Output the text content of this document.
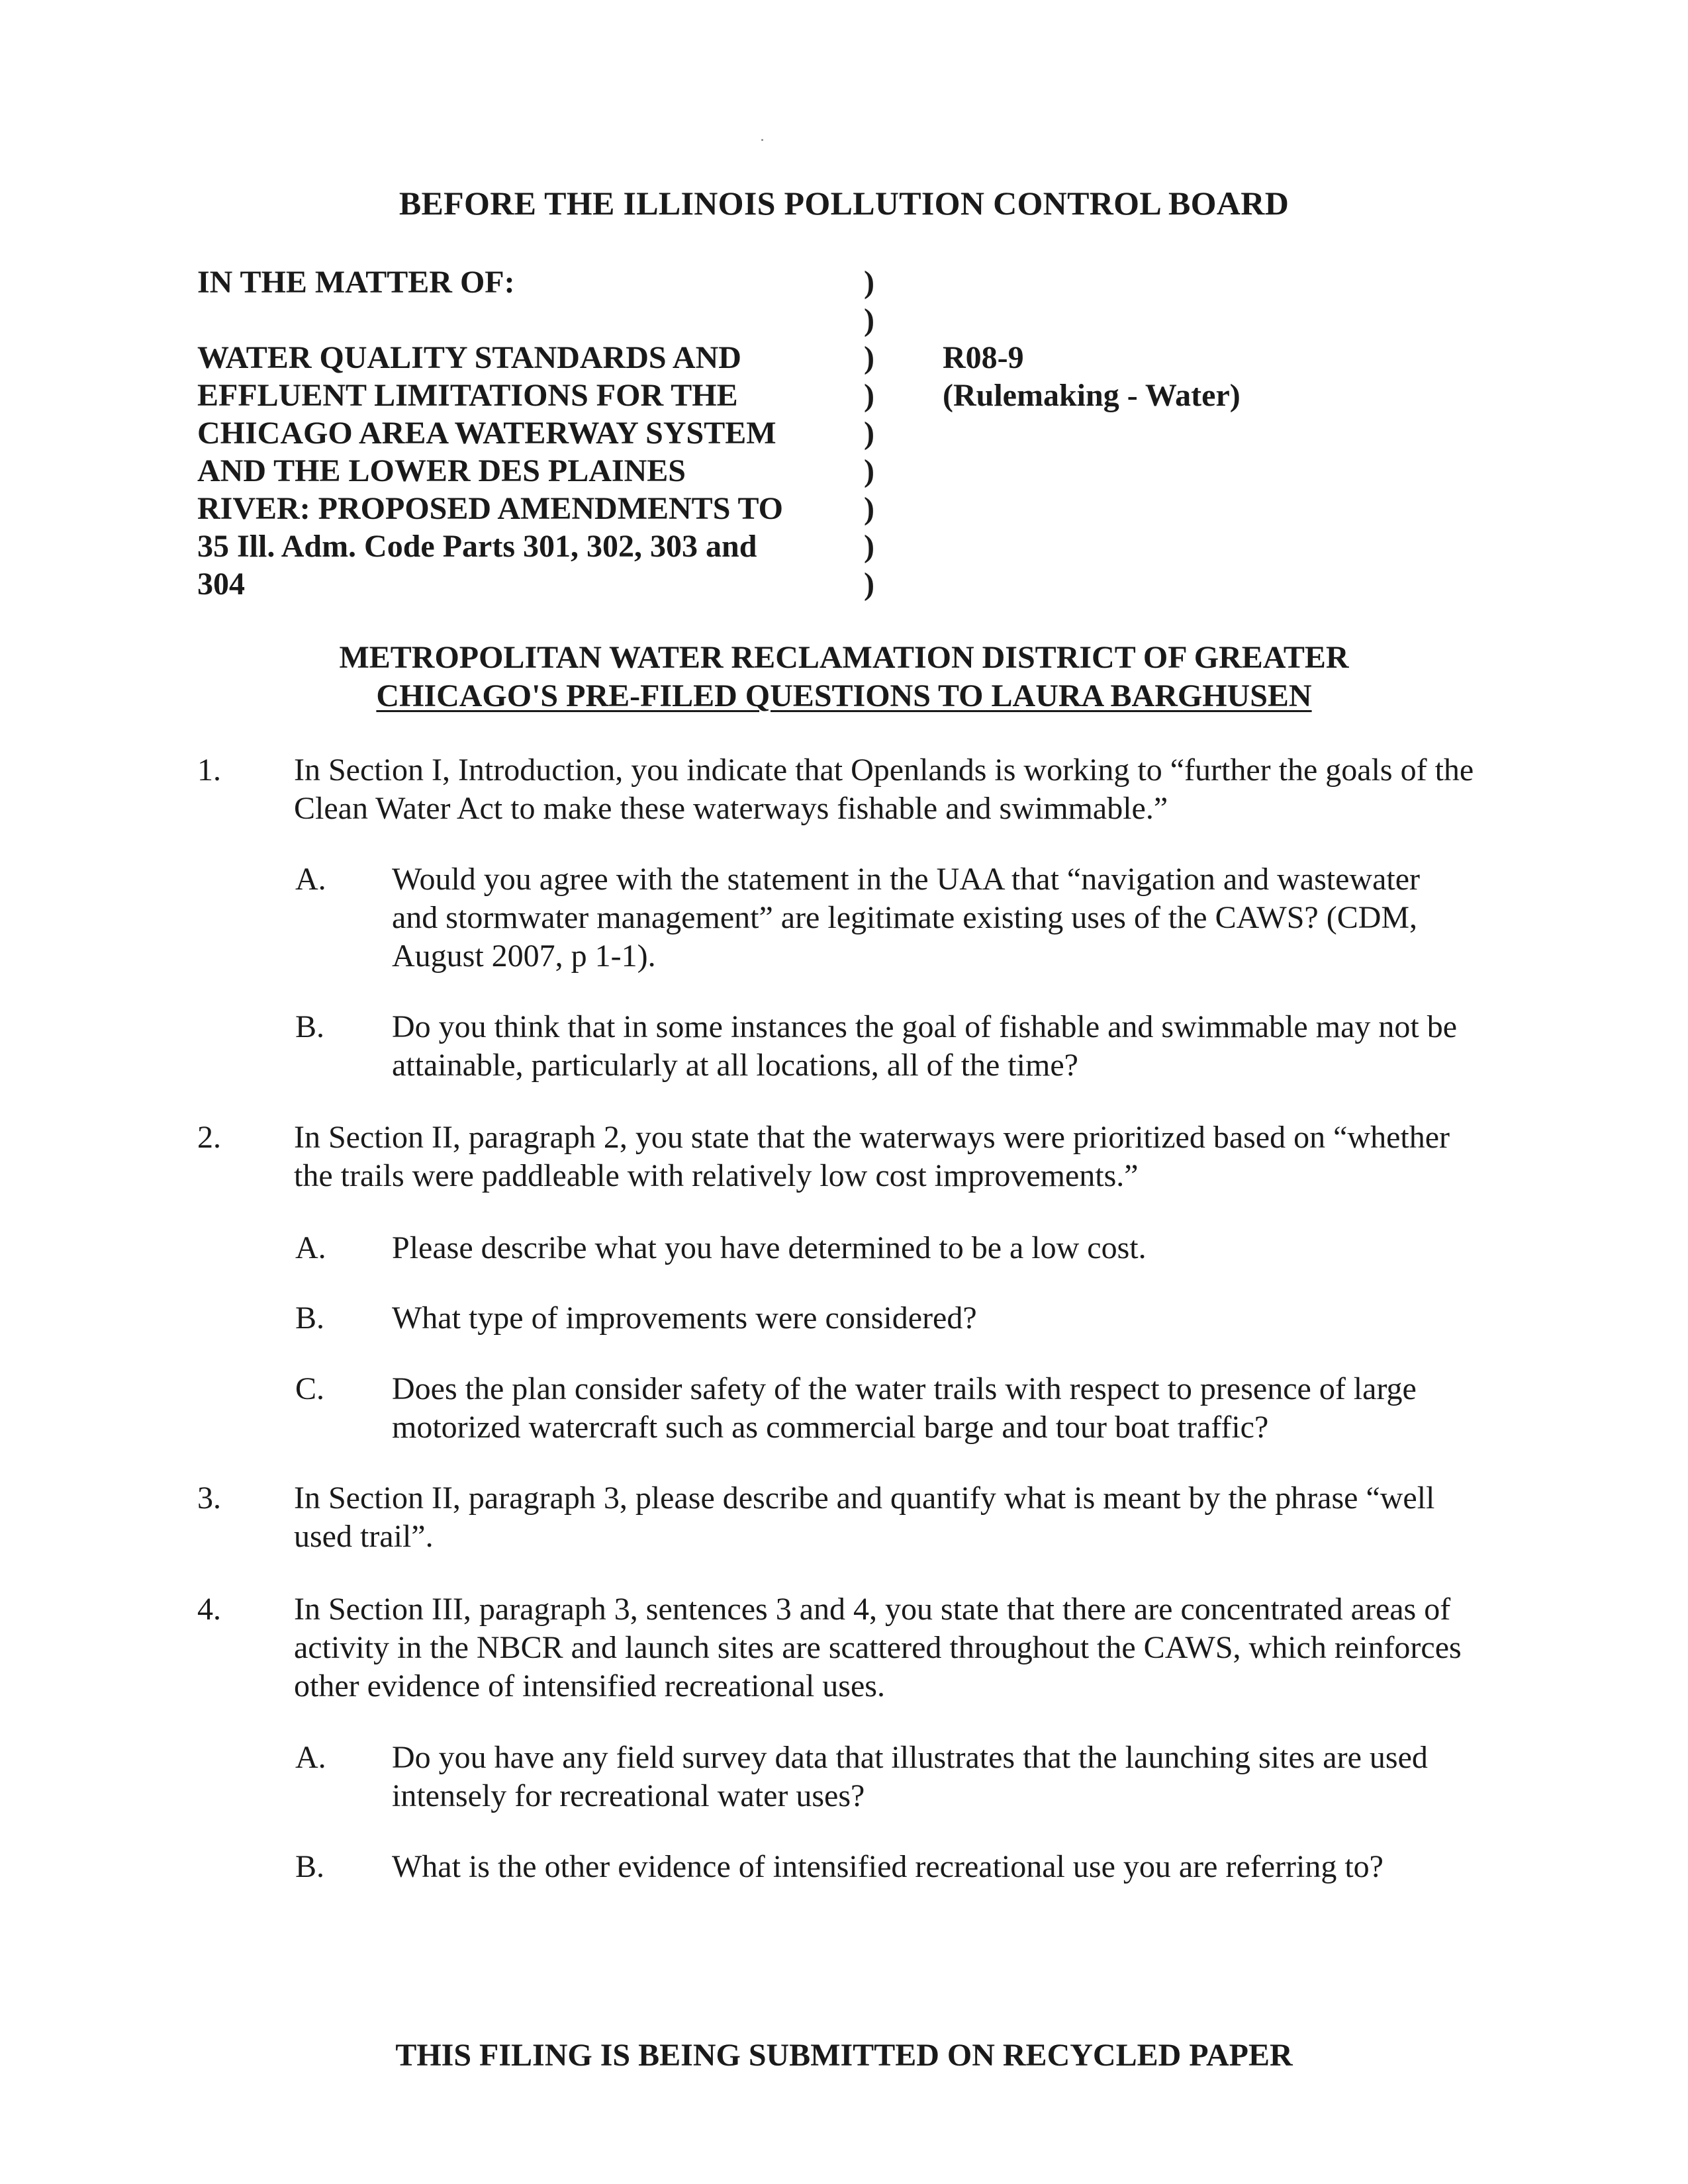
BEFORE THE ILLINOIS POLLUTION CONTROL BOARD
IN THE MATTER OF:
WATER QUALITY STANDARDS AND
EFFLUENT LIMITATIONS FOR THE
CHICAGO AREA WATERWAY SYSTEM
AND THE LOWER DES PLAINES
RIVER: PROPOSED AMENDMENTS TO
35 Ill. Adm. Code Parts 301, 302, 303 and
304
)
)
)
)
)
)
)
)
)
R08-9
(Rulemaking - Water)
METROPOLITAN WATER RECLAMATION DISTRICT OF GREATER
CHICAGO'S PRE-FILED QUESTIONS TO LAURA BARGHUSEN
1. In Section I, Introduction, you indicate that Openlands is working to “further the goals of the Clean Water Act to make these waterways fishable and swimmable.”
A. Would you agree with the statement in the UAA that “navigation and wastewater and stormwater management” are legitimate existing uses of the CAWS? (CDM, August 2007, p 1-1).
B. Do you think that in some instances the goal of fishable and swimmable may not be attainable, particularly at all locations, all of the time?
2. In Section II, paragraph 2, you state that the waterways were prioritized based on “whether the trails were paddleable with relatively low cost improvements.”
A. Please describe what you have determined to be a low cost.
B. What type of improvements were considered?
C. Does the plan consider safety of the water trails with respect to presence of large motorized watercraft such as commercial barge and tour boat traffic?
3. In Section II, paragraph 3, please describe and quantify what is meant by the phrase “well used trail”.
4. In Section III, paragraph 3, sentences 3 and 4, you state that there are concentrated areas of activity in the NBCR and launch sites are scattered throughout the CAWS, which reinforces other evidence of intensified recreational uses.
A. Do you have any field survey data that illustrates that the launching sites are used intensely for recreational water uses?
B. What is the other evidence of intensified recreational use you are referring to?
THIS FILING IS BEING SUBMITTED ON RECYCLED PAPER
